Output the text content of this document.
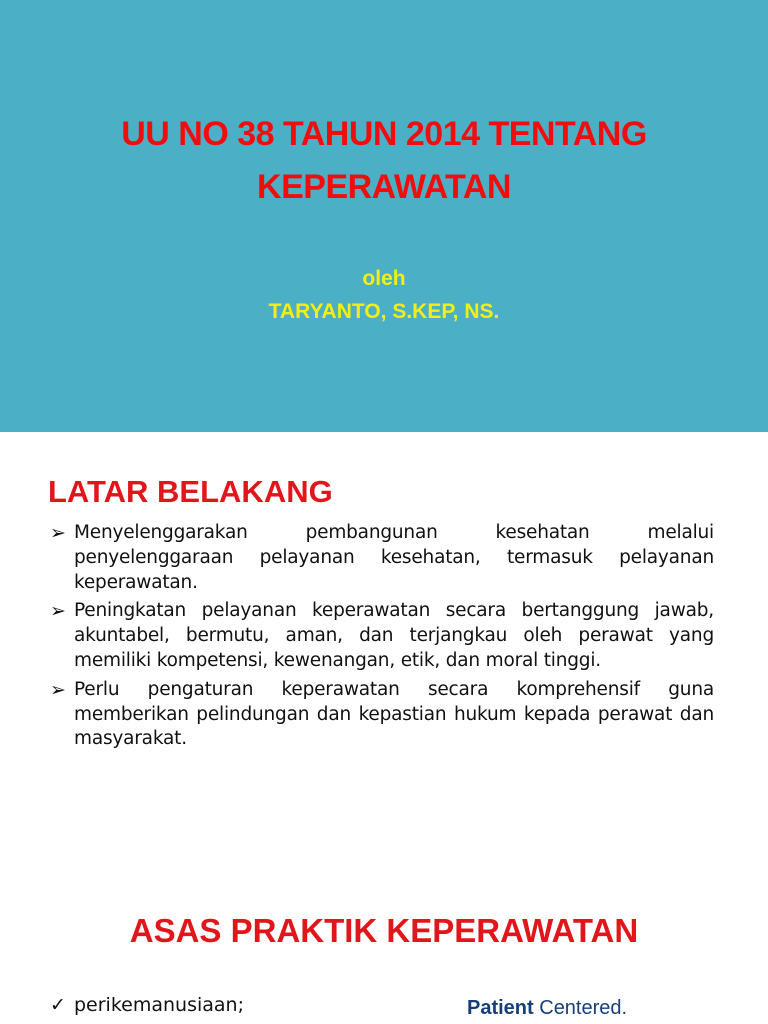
UU NO 38 TAHUN 2014 TENTANG
KEPERAWATAN
oleh
TARYANTO, S.KEP, NS.
LATAR BELAKANG
➢ Menyelenggarakan pembangunan kesehatan melalui penyelenggaraan pelayanan kesehatan, termasuk pelayanan keperawatan.
➢ Peningkatan pelayanan keperawatan secara bertanggung jawab, akuntabel, bermutu, aman, dan terjangkau oleh perawat yang memiliki kompetensi, kewenangan, etik, dan moral tinggi.
➢ Perlu pengaturan keperawatan secara komprehensif guna memberikan pelindungan dan kepastian hukum kepada perawat dan masyarakat.
ASAS PRAKTIK KEPERAWATAN
✓ perikemanusiaan;	Patient Centered.
